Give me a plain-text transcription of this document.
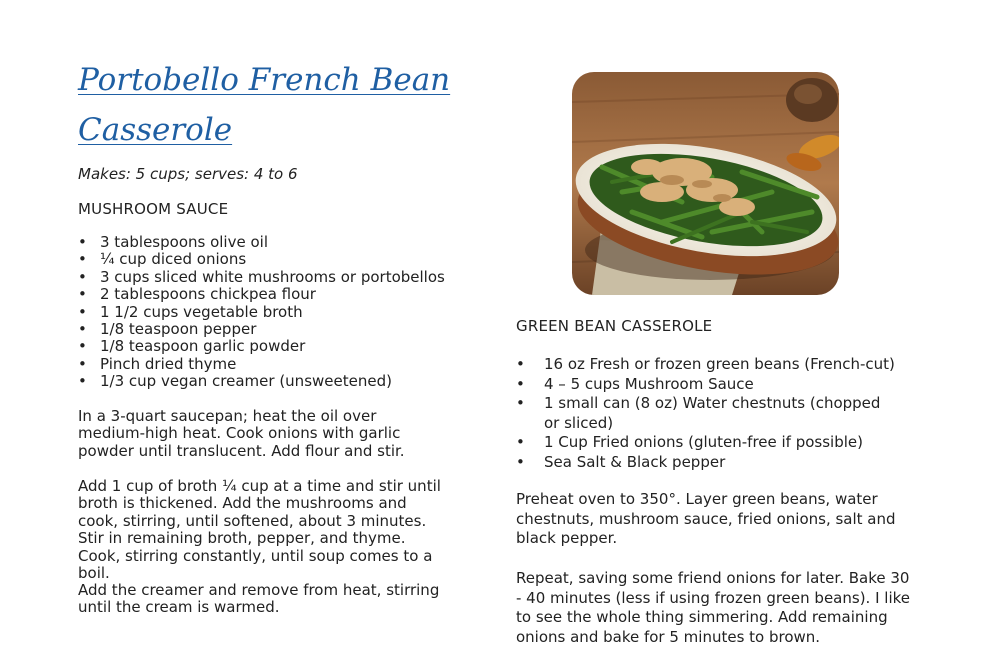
Portobello French Bean Casserole

Makes: 5 cups; serves: 4 to 6

MUSHROOM SAUCE
• 3 tablespoons olive oil
• ¼ cup diced onions
• 3 cups sliced white mushrooms or portobellos
• 2 tablespoons chickpea flour
• 1 1/2 cups vegetable broth
• 1/8 teaspoon pepper
• 1/8 teaspoon garlic powder
• Pinch dried thyme
• 1/3 cup vegan creamer (unsweetened)

In a 3-quart saucepan; heat the oil over medium-high heat. Cook onions with garlic powder until translucent. Add flour and stir.

Add 1 cup of broth ¼ cup at a time and stir until broth is thickened. Add the mushrooms and cook, stirring, until softened, about 3 minutes. Stir in remaining broth, pepper, and thyme. Cook, stirring constantly, until soup comes to a boil.

Add the creamer and remove from heat, stirring until the cream is warmed.

GREEN BEAN CASSEROLE
• 16 oz Fresh or frozen green beans (French-cut)
• 4 – 5 cups Mushroom Sauce
• 1 small can (8 oz) Water chestnuts (chopped or sliced)
• 1 Cup Fried onions (gluten-free if possible)
• Sea Salt & Black pepper

Preheat oven to 350°. Layer green beans, water chestnuts, mushroom sauce, fried onions, salt and black pepper.

Repeat, saving some friend onions for later. Bake 30 - 40 minutes (less if using frozen green beans). I like to see the whole thing simmering. Add remaining onions and bake for 5 minutes to brown.
